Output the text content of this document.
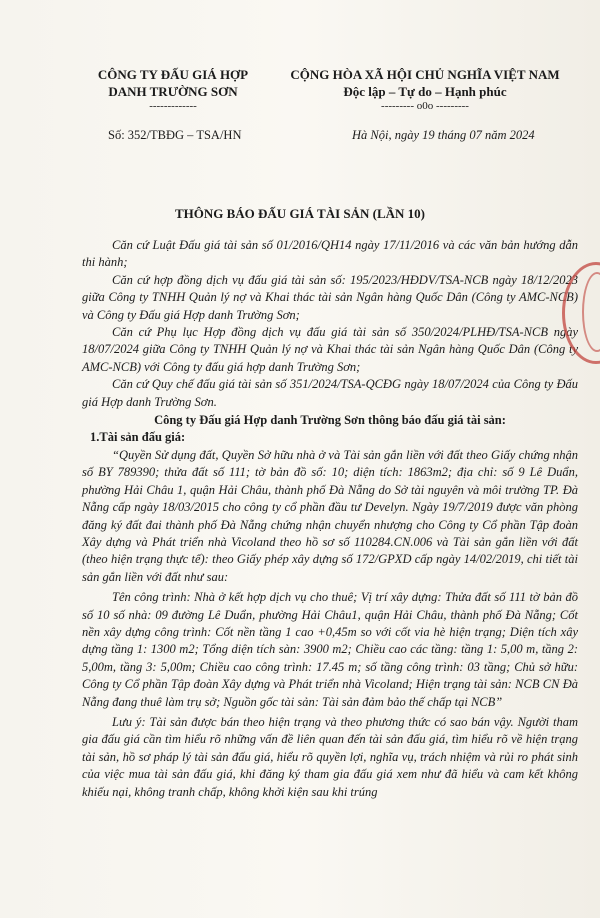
CÔNG TY ĐẤU GIÁ HỢP
DANH TRƯỜNG SƠN
-------------
CỘNG HÒA XÃ HỘI CHỦ NGHĨA VIỆT NAM
Độc lập – Tự do – Hạnh phúc
--------- o0o ---------
Số: 352/TBĐG – TSA/HN	Hà Nội, ngày 19 tháng 07 năm 2024
THÔNG BÁO ĐẤU GIÁ TÀI SẢN (LẦN 10)

Căn cứ Luật Đấu giá tài sản số 01/2016/QH14 ngày 17/11/2016 và các văn bản hướng dẫn thi hành;

Căn cứ hợp đồng dịch vụ đấu giá tài sản số: 195/2023/HĐDV/TSA-NCB ngày 18/12/2023 giữa Công ty TNHH Quản lý nợ và Khai thác tài sản Ngân hàng Quốc Dân (Công ty AMC-NCB) và Công ty Đấu giá Hợp danh Trường Sơn;

Căn cứ Phụ lục Hợp đồng dịch vụ đấu giá tài sản số 350/2024/PLHĐ/TSA-NCB ngày 18/07/2024 giữa Công ty TNHH Quản lý nợ và Khai thác tài sản Ngân hàng Quốc Dân (Công ty AMC-NCB) với Công ty đấu giá hợp danh Trường Sơn;

Căn cứ Quy chế đấu giá tài sản số 351/2024/TSA-QCĐG ngày 18/07/2024 của Công ty Đấu giá Hợp danh Trường Sơn.

Công ty Đấu giá Hợp danh Trường Sơn thông báo đấu giá tài sản:

1.Tài sản đấu giá:

“Quyền Sử dụng đất, Quyền Sở hữu nhà ở và Tài sản gắn liền với đất theo Giấy chứng nhận số BY 789390; thửa đất số 111; tờ bản đồ số: 10; diện tích: 1863m2; địa chỉ: số 9 Lê Duẩn, phường Hải Châu 1, quận Hải Châu, thành phố Đà Nẵng do Sở tài nguyên và môi trường TP. Đà Nẵng cấp ngày 18/03/2015 cho công ty cổ phần đầu tư Develyn. Ngày 19/7/2019 được văn phòng đăng ký đất đai thành phố Đà Nẵng chứng nhận chuyển nhượng cho Công ty Cổ phần Tập đoàn Xây dựng và Phát triển nhà Vicoland theo hồ sơ số 110284.CN.006 và Tài sản gắn liền với đất (theo hiện trạng thực tế): theo Giấy phép xây dựng số 172/GPXD cấp ngày 14/02/2019, chi tiết tài sản gắn liền với đất như sau:

Tên công trình: Nhà ở kết hợp dịch vụ cho thuê; Vị trí xây dựng: Thửa đất số 111 tờ bản đồ số 10 số nhà: 09 đường Lê Duẩn, phường Hải Châu1, quận Hải Châu, thành phố Đà Nẵng; Cốt nền xây dựng công trình: Cốt nền tầng 1 cao +0,45m so với cốt via hè hiện trạng; Diện tích xây dựng tầng 1: 1300 m2; Tổng diện tích sàn: 3900 m2; Chiều cao các tầng: tầng 1: 5,00 m, tầng 2: 5,00m, tầng 3: 5,00m; Chiều cao công trình: 17.45 m; số tầng công trình: 03 tầng; Chủ sở hữu: Công ty Cổ phần Tập đoàn Xây dựng và Phát triển nhà Vicoland; Hiện trạng tài sản: NCB CN Đà Nẵng đang thuê làm trụ sở; Nguồn gốc tài sản: Tài sản đảm bảo thế chấp tại NCB”

Lưu ý: Tài sản được bán theo hiện trạng và theo phương thức có sao bán vậy. Người tham gia đấu giá cần tìm hiểu rõ những vấn đề liên quan đến tài sản đấu giá, tìm hiểu rõ về hiện trạng tài sản, hồ sơ pháp lý tài sản đấu giá, hiểu rõ quyền lợi, nghĩa vụ, trách nhiệm và rủi ro phát sinh của việc mua tài sản đấu giá, khi đăng ký tham gia đấu giá xem như đã hiểu và cam kết không khiếu nại, không tranh chấp, không khởi kiện sau khi trúng
